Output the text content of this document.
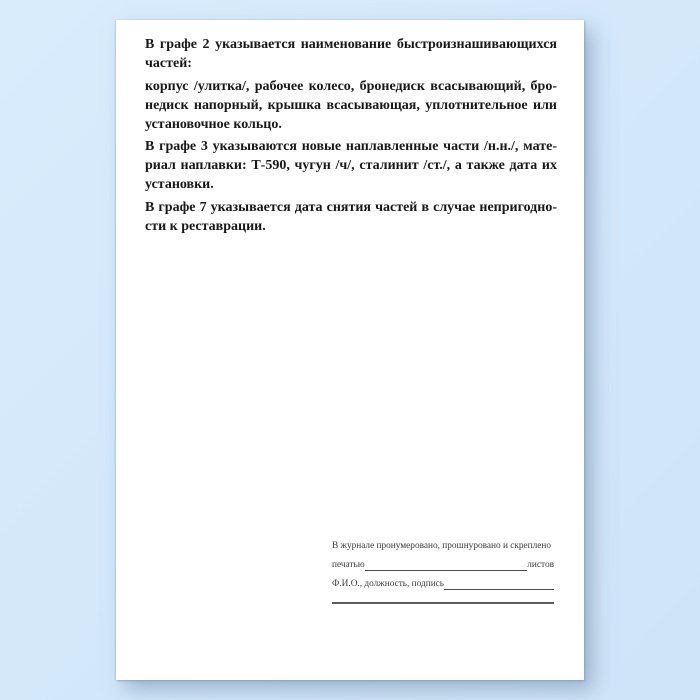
В графе 2 указывается наименование быстроизнашивающихся
частей:
корпус /улитка/, рабочее колесо, бронедиск всасывающий, бро-
недиск напорный, крышка всасывающая, уплотнительное или
установочное кольцо.
В графе 3 указываются новые наплавленные части /н.н./, мате-
риал наплавки: Т-590, чугун /ч/, сталинит /ст./, а также дата их
установки.
В графе 7 указывается дата снятия частей в случае непригодно-
сти к реставрации.
В журнале пронумеровано, прошнуровано и скреплено
печатью	листов
Ф.И.О., должность, подпись
